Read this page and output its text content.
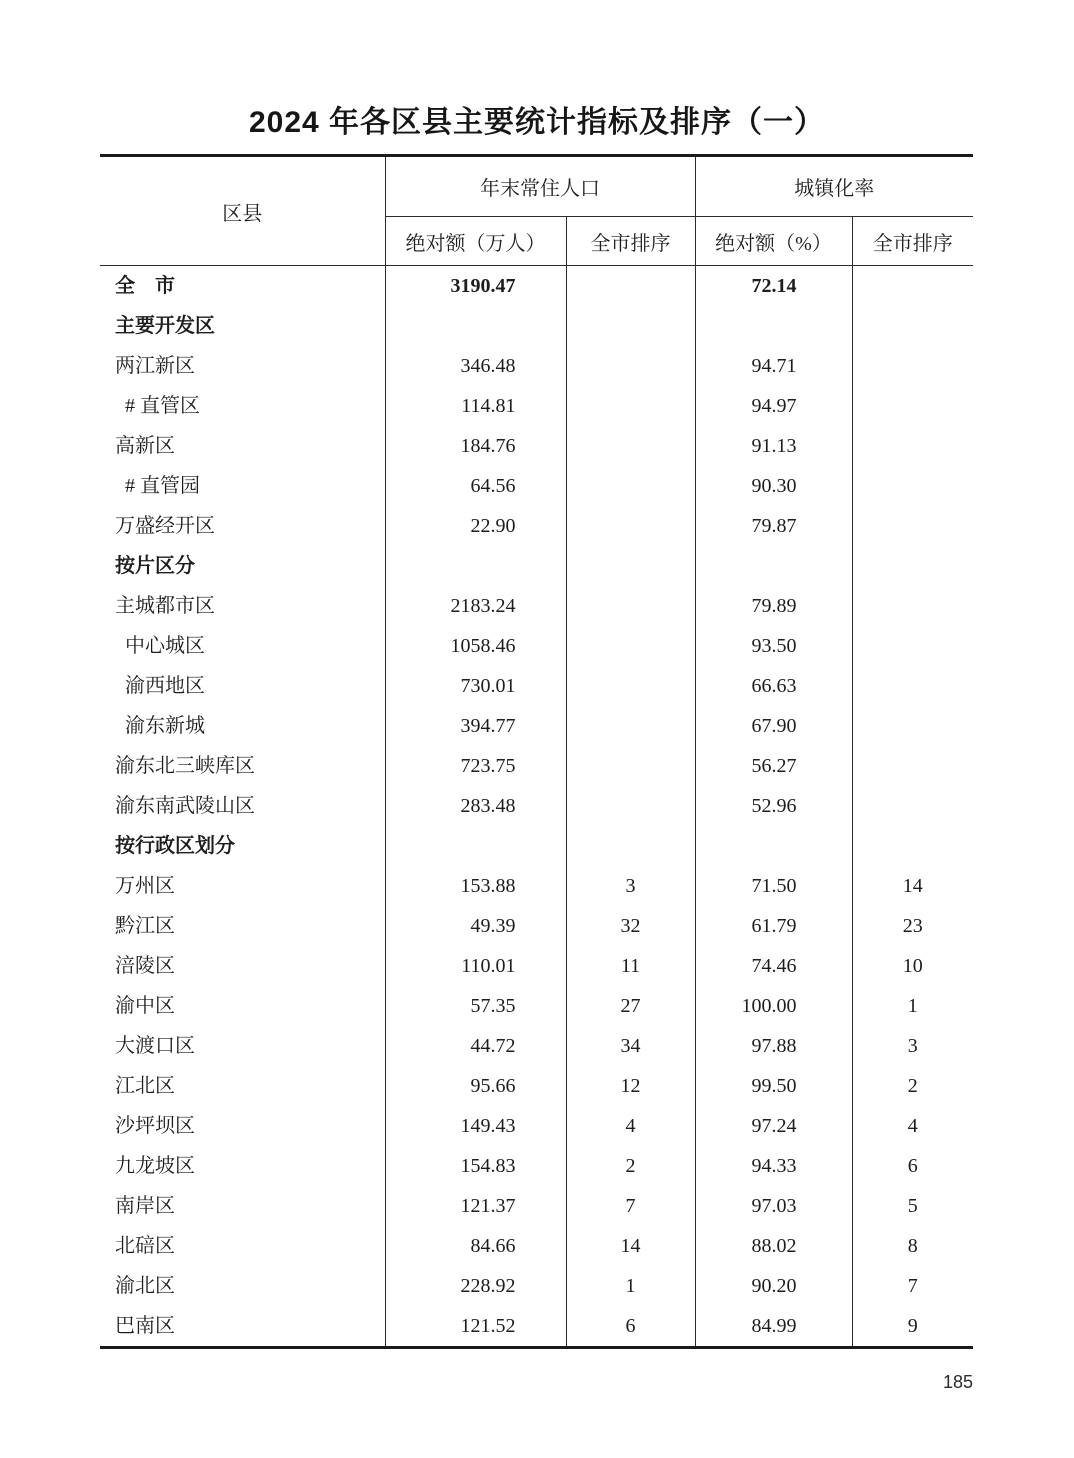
2024 年各区县主要统计指标及排序（一）
区县	年末常住人口		城镇化率	
	绝对额（万人）	全市排序	绝对额（%）	全市排序
全　市	3190.47		72.14	
主要开发区				
两江新区	346.48		94.71	
# 直管区	114.81		94.97	
高新区	184.76		91.13	
# 直管园	64.56		90.30	
万盛经开区	22.90		79.87	
按片区分				
主城都市区	2183.24		79.89	
中心城区	1058.46		93.50	
渝西地区	730.01		66.63	
渝东新城	394.77		67.90	
渝东北三峡库区	723.75		56.27	
渝东南武陵山区	283.48		52.96	
按行政区划分				
万州区	153.88	3	71.50	14
黔江区	49.39	32	61.79	23
涪陵区	110.01	11	74.46	10
渝中区	57.35	27	100.00	1
大渡口区	44.72	34	97.88	3
江北区	95.66	12	99.50	2
沙坪坝区	149.43	4	97.24	4
九龙坡区	154.83	2	94.33	6
南岸区	121.37	7	97.03	5
北碚区	84.66	14	88.02	8
渝北区	228.92	1	90.20	7
巴南区	121.52	6	84.99	9
185
